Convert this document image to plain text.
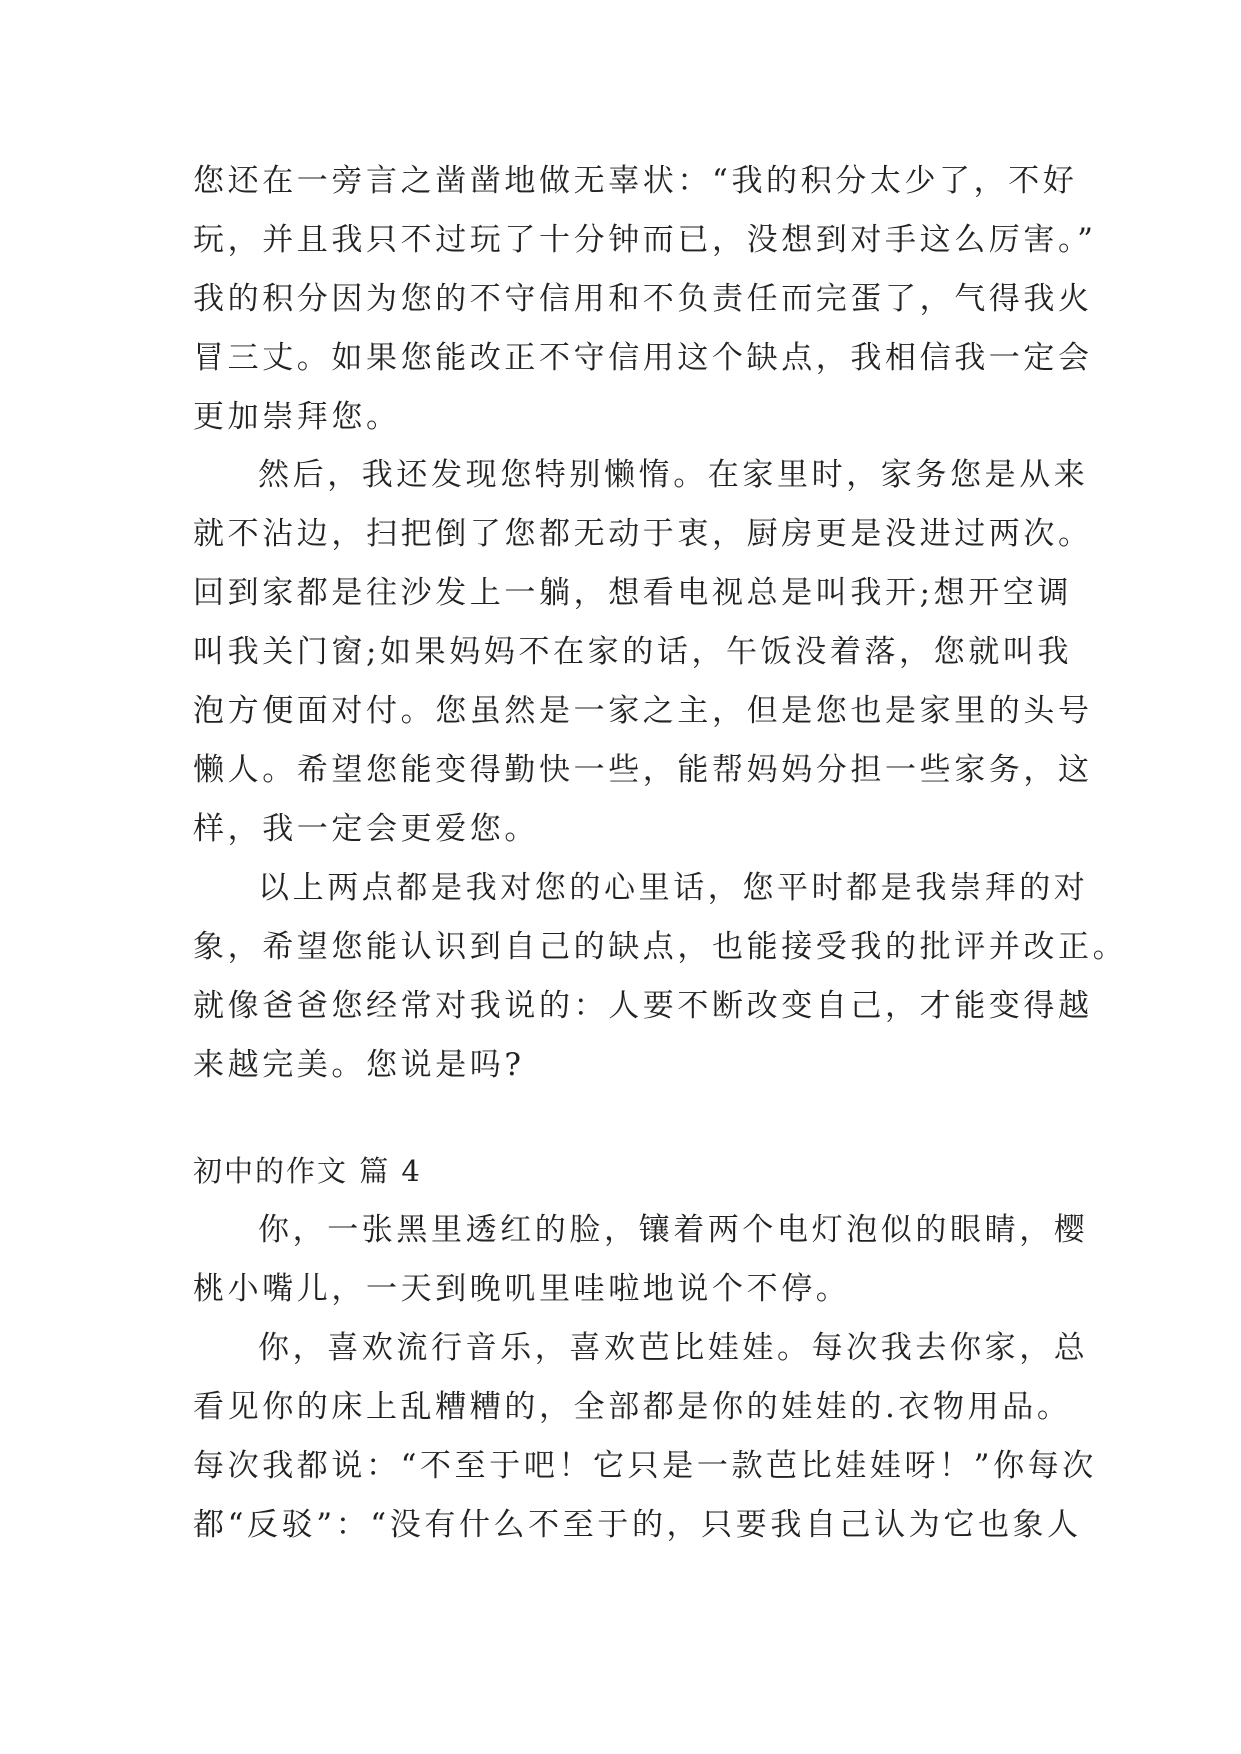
您还在一旁言之凿凿地做无辜状：“我的积分太少了，不好
玩，并且我只不过玩了十分钟而已，没想到对手这么厉害。”
我的积分因为您的不守信用和不负责任而完蛋了，气得我火
冒三丈。如果您能改正不守信用这个缺点，我相信我一定会
更加崇拜您。
然后，我还发现您特别懒惰。在家里时，家务您是从来
就不沾边，扫把倒了您都无动于衷，厨房更是没进过两次。
回到家都是往沙发上一躺，想看电视总是叫我开;想开空调
叫我关门窗;如果妈妈不在家的话，午饭没着落，您就叫我
泡方便面对付。您虽然是一家之主，但是您也是家里的头号
懒人。希望您能变得勤快一些，能帮妈妈分担一些家务，这
样，我一定会更爱您。
以上两点都是我对您的心里话，您平时都是我崇拜的对
象，希望您能认识到自己的缺点，也能接受我的批评并改正。
就像爸爸您经常对我说的：人要不断改变自己，才能变得越
来越完美。您说是吗?
初中的作文 篇 4
你，一张黑里透红的脸，镶着两个电灯泡似的眼睛，樱
桃小嘴儿，一天到晚叽里哇啦地说个不停。
你，喜欢流行音乐，喜欢芭比娃娃。每次我去你家，总
看见你的床上乱糟糟的，全部都是你的娃娃的.衣物用品。
每次我都说：“不至于吧！它只是一款芭比娃娃呀！”你每次
都“反驳”：“没有什么不至于的，只要我自己认为它也象人
